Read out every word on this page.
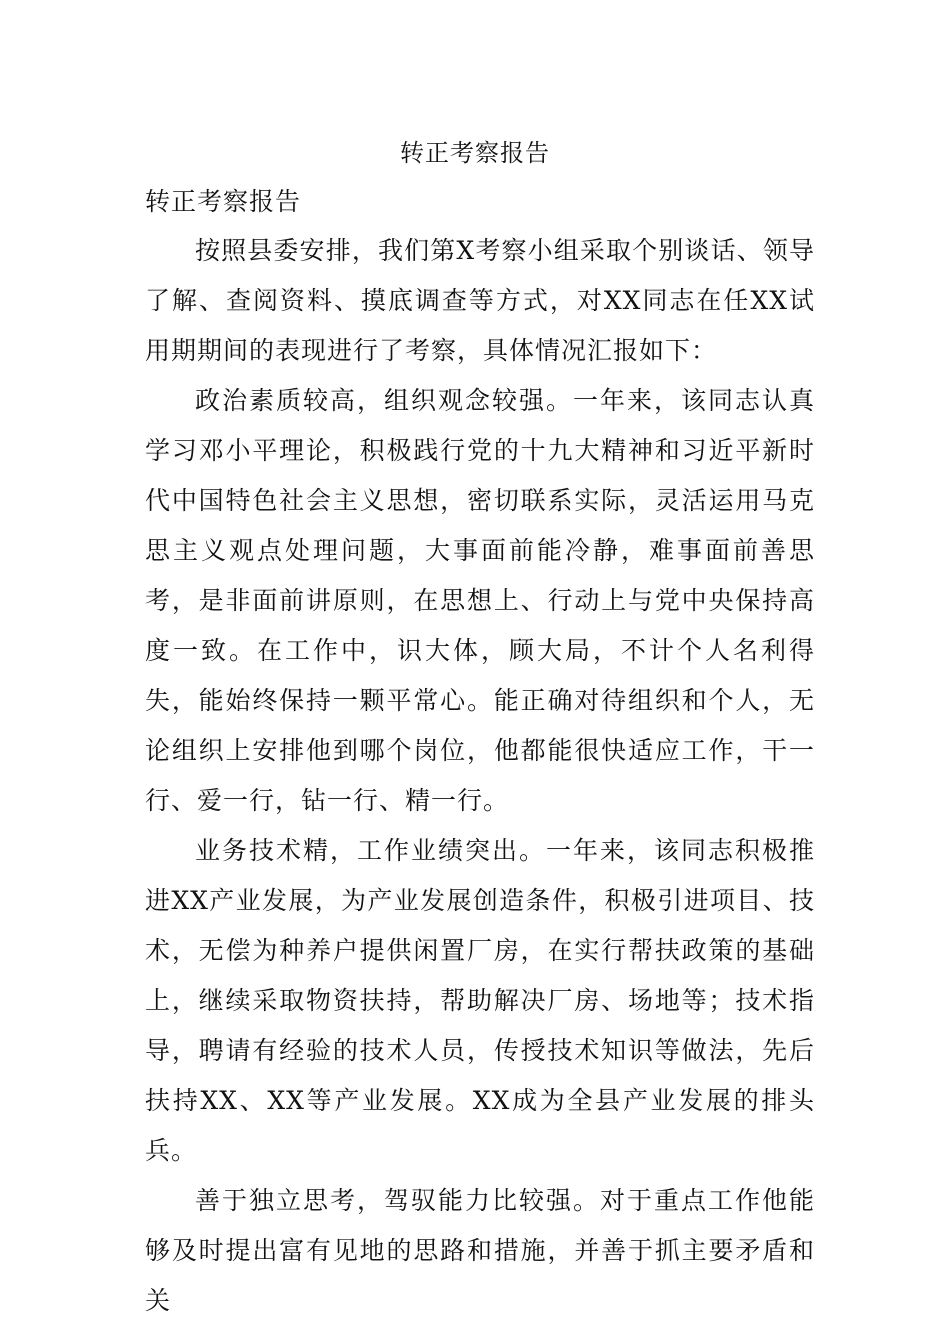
转正考察报告
转正考察报告

按照县委安排，我们第X考察小组采取个别谈话、领导了解、查阅资料、摸底调查等方式，对XX同志在任XX试用期期间的表现进行了考察，具体情况汇报如下：

政治素质较高，组织观念较强。一年来，该同志认真学习邓小平理论，积极践行党的十九大精神和习近平新时代中国特色社会主义思想，密切联系实际，灵活运用马克思主义观点处理问题，大事面前能冷静，难事面前善思考，是非面前讲原则，在思想上、行动上与党中央保持高度一致。在工作中，识大体，顾大局，不计个人名利得失，能始终保持一颗平常心。能正确对待组织和个人，无论组织上安排他到哪个岗位，他都能很快适应工作，干一行、爱一行，钻一行、精一行。

业务技术精，工作业绩突出。一年来，该同志积极推进XX产业发展，为产业发展创造条件，积极引进项目、技术，无偿为种养户提供闲置厂房，在实行帮扶政策的基础上，继续采取物资扶持，帮助解决厂房、场地等；技术指导，聘请有经验的技术人员，传授技术知识等做法，先后扶持XX、XX等产业发展。XX成为全县产业发展的排头兵。

善于独立思考，驾驭能力比较强。对于重点工作他能够及时提出富有见地的思路和措施，并善于抓主要矛盾和关
